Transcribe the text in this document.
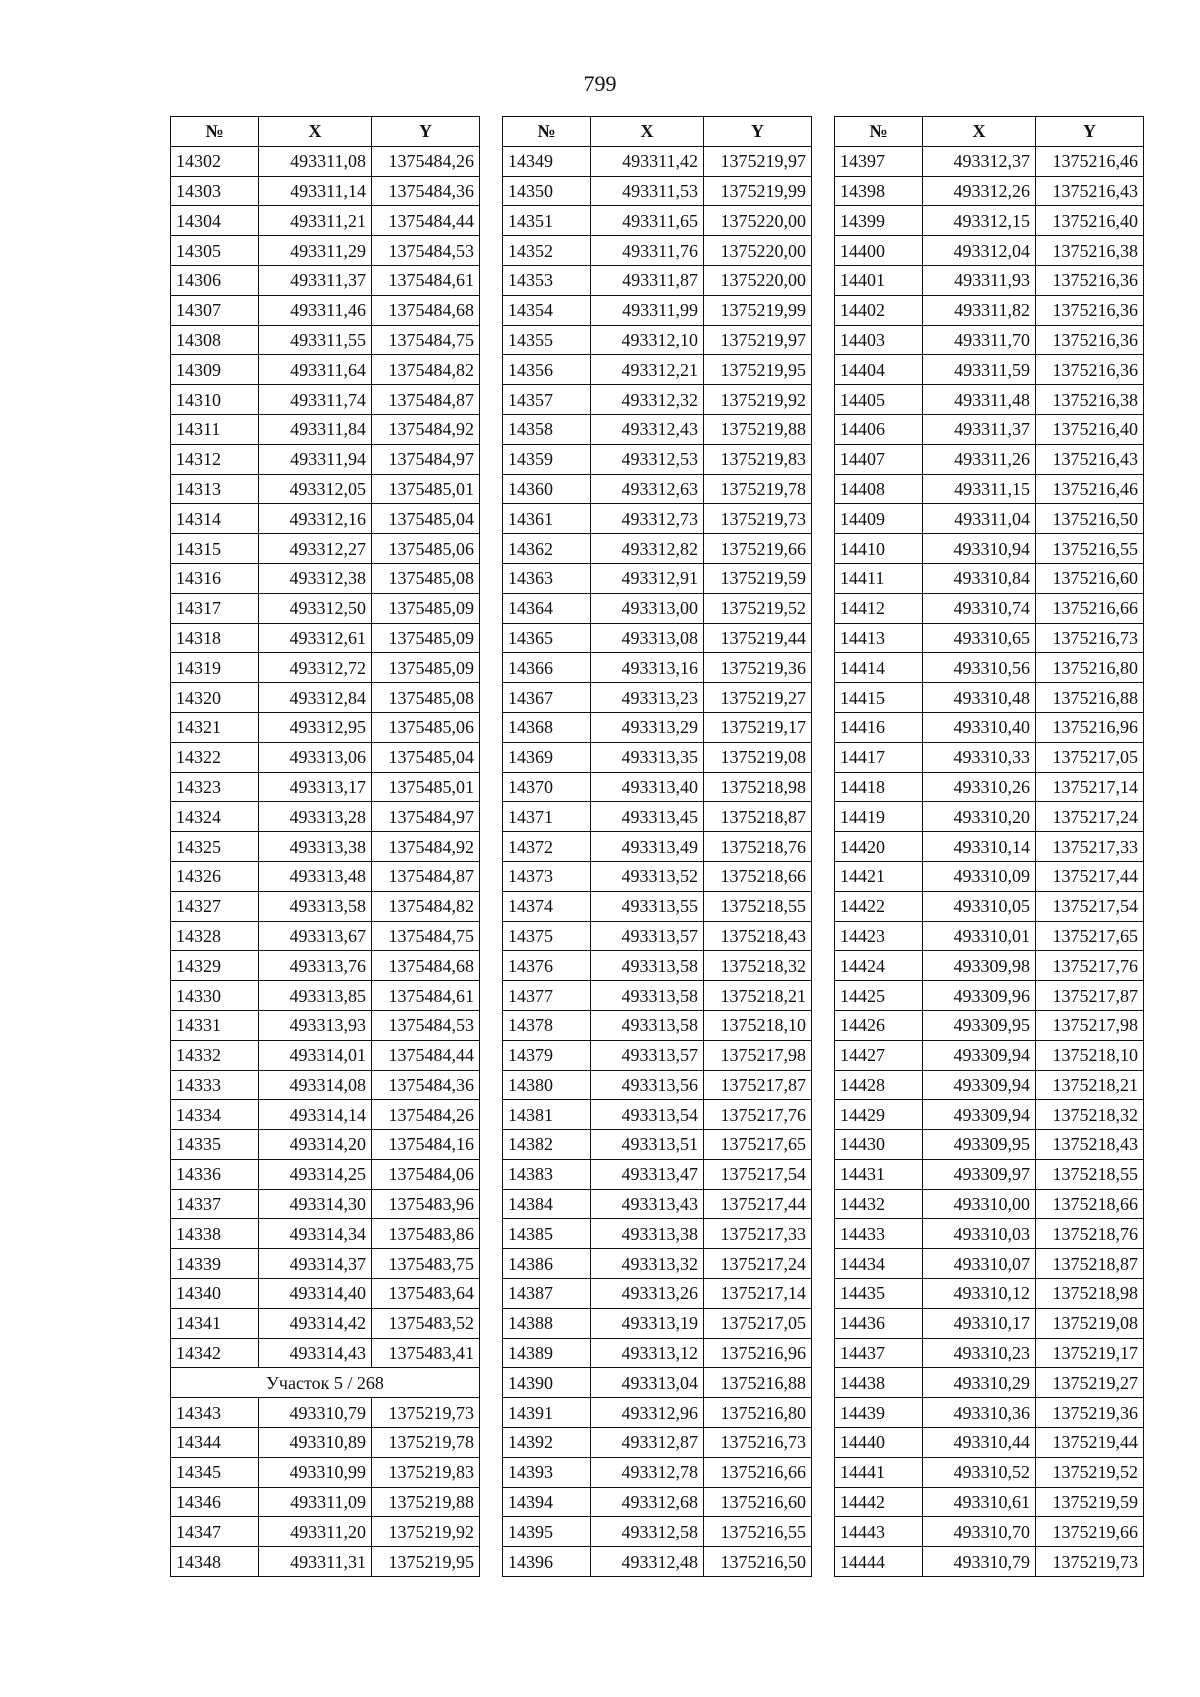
799
№	X	Y
14302	493311,08	1375484,26
14303	493311,14	1375484,36
14304	493311,21	1375484,44
14305	493311,29	1375484,53
14306	493311,37	1375484,61
14307	493311,46	1375484,68
14308	493311,55	1375484,75
14309	493311,64	1375484,82
14310	493311,74	1375484,87
14311	493311,84	1375484,92
14312	493311,94	1375484,97
14313	493312,05	1375485,01
14314	493312,16	1375485,04
14315	493312,27	1375485,06
14316	493312,38	1375485,08
14317	493312,50	1375485,09
14318	493312,61	1375485,09
14319	493312,72	1375485,09
14320	493312,84	1375485,08
14321	493312,95	1375485,06
14322	493313,06	1375485,04
14323	493313,17	1375485,01
14324	493313,28	1375484,97
14325	493313,38	1375484,92
14326	493313,48	1375484,87
14327	493313,58	1375484,82
14328	493313,67	1375484,75
14329	493313,76	1375484,68
14330	493313,85	1375484,61
14331	493313,93	1375484,53
14332	493314,01	1375484,44
14333	493314,08	1375484,36
14334	493314,14	1375484,26
14335	493314,20	1375484,16
14336	493314,25	1375484,06
14337	493314,30	1375483,96
14338	493314,34	1375483,86
14339	493314,37	1375483,75
14340	493314,40	1375483,64
14341	493314,42	1375483,52
14342	493314,43	1375483,41
Участок 5 / 268		
14343	493310,79	1375219,73
14344	493310,89	1375219,78
14345	493310,99	1375219,83
14346	493311,09	1375219,88
14347	493311,20	1375219,92
14348	493311,31	1375219,95
№	X	Y
14349	493311,42	1375219,97
14350	493311,53	1375219,99
14351	493311,65	1375220,00
14352	493311,76	1375220,00
14353	493311,87	1375220,00
14354	493311,99	1375219,99
14355	493312,10	1375219,97
14356	493312,21	1375219,95
14357	493312,32	1375219,92
14358	493312,43	1375219,88
14359	493312,53	1375219,83
14360	493312,63	1375219,78
14361	493312,73	1375219,73
14362	493312,82	1375219,66
14363	493312,91	1375219,59
14364	493313,00	1375219,52
14365	493313,08	1375219,44
14366	493313,16	1375219,36
14367	493313,23	1375219,27
14368	493313,29	1375219,17
14369	493313,35	1375219,08
14370	493313,40	1375218,98
14371	493313,45	1375218,87
14372	493313,49	1375218,76
14373	493313,52	1375218,66
14374	493313,55	1375218,55
14375	493313,57	1375218,43
14376	493313,58	1375218,32
14377	493313,58	1375218,21
14378	493313,58	1375218,10
14379	493313,57	1375217,98
14380	493313,56	1375217,87
14381	493313,54	1375217,76
14382	493313,51	1375217,65
14383	493313,47	1375217,54
14384	493313,43	1375217,44
14385	493313,38	1375217,33
14386	493313,32	1375217,24
14387	493313,26	1375217,14
14388	493313,19	1375217,05
14389	493313,12	1375216,96
14390	493313,04	1375216,88
14391	493312,96	1375216,80
14392	493312,87	1375216,73
14393	493312,78	1375216,66
14394	493312,68	1375216,60
14395	493312,58	1375216,55
14396	493312,48	1375216,50
№	X	Y
14397	493312,37	1375216,46
14398	493312,26	1375216,43
14399	493312,15	1375216,40
14400	493312,04	1375216,38
14401	493311,93	1375216,36
14402	493311,82	1375216,36
14403	493311,70	1375216,36
14404	493311,59	1375216,36
14405	493311,48	1375216,38
14406	493311,37	1375216,40
14407	493311,26	1375216,43
14408	493311,15	1375216,46
14409	493311,04	1375216,50
14410	493310,94	1375216,55
14411	493310,84	1375216,60
14412	493310,74	1375216,66
14413	493310,65	1375216,73
14414	493310,56	1375216,80
14415	493310,48	1375216,88
14416	493310,40	1375216,96
14417	493310,33	1375217,05
14418	493310,26	1375217,14
14419	493310,20	1375217,24
14420	493310,14	1375217,33
14421	493310,09	1375217,44
14422	493310,05	1375217,54
14423	493310,01	1375217,65
14424	493309,98	1375217,76
14425	493309,96	1375217,87
14426	493309,95	1375217,98
14427	493309,94	1375218,10
14428	493309,94	1375218,21
14429	493309,94	1375218,32
14430	493309,95	1375218,43
14431	493309,97	1375218,55
14432	493310,00	1375218,66
14433	493310,03	1375218,76
14434	493310,07	1375218,87
14435	493310,12	1375218,98
14436	493310,17	1375219,08
14437	493310,23	1375219,17
14438	493310,29	1375219,27
14439	493310,36	1375219,36
14440	493310,44	1375219,44
14441	493310,52	1375219,52
14442	493310,61	1375219,59
14443	493310,70	1375219,66
14444	493310,79	1375219,73
